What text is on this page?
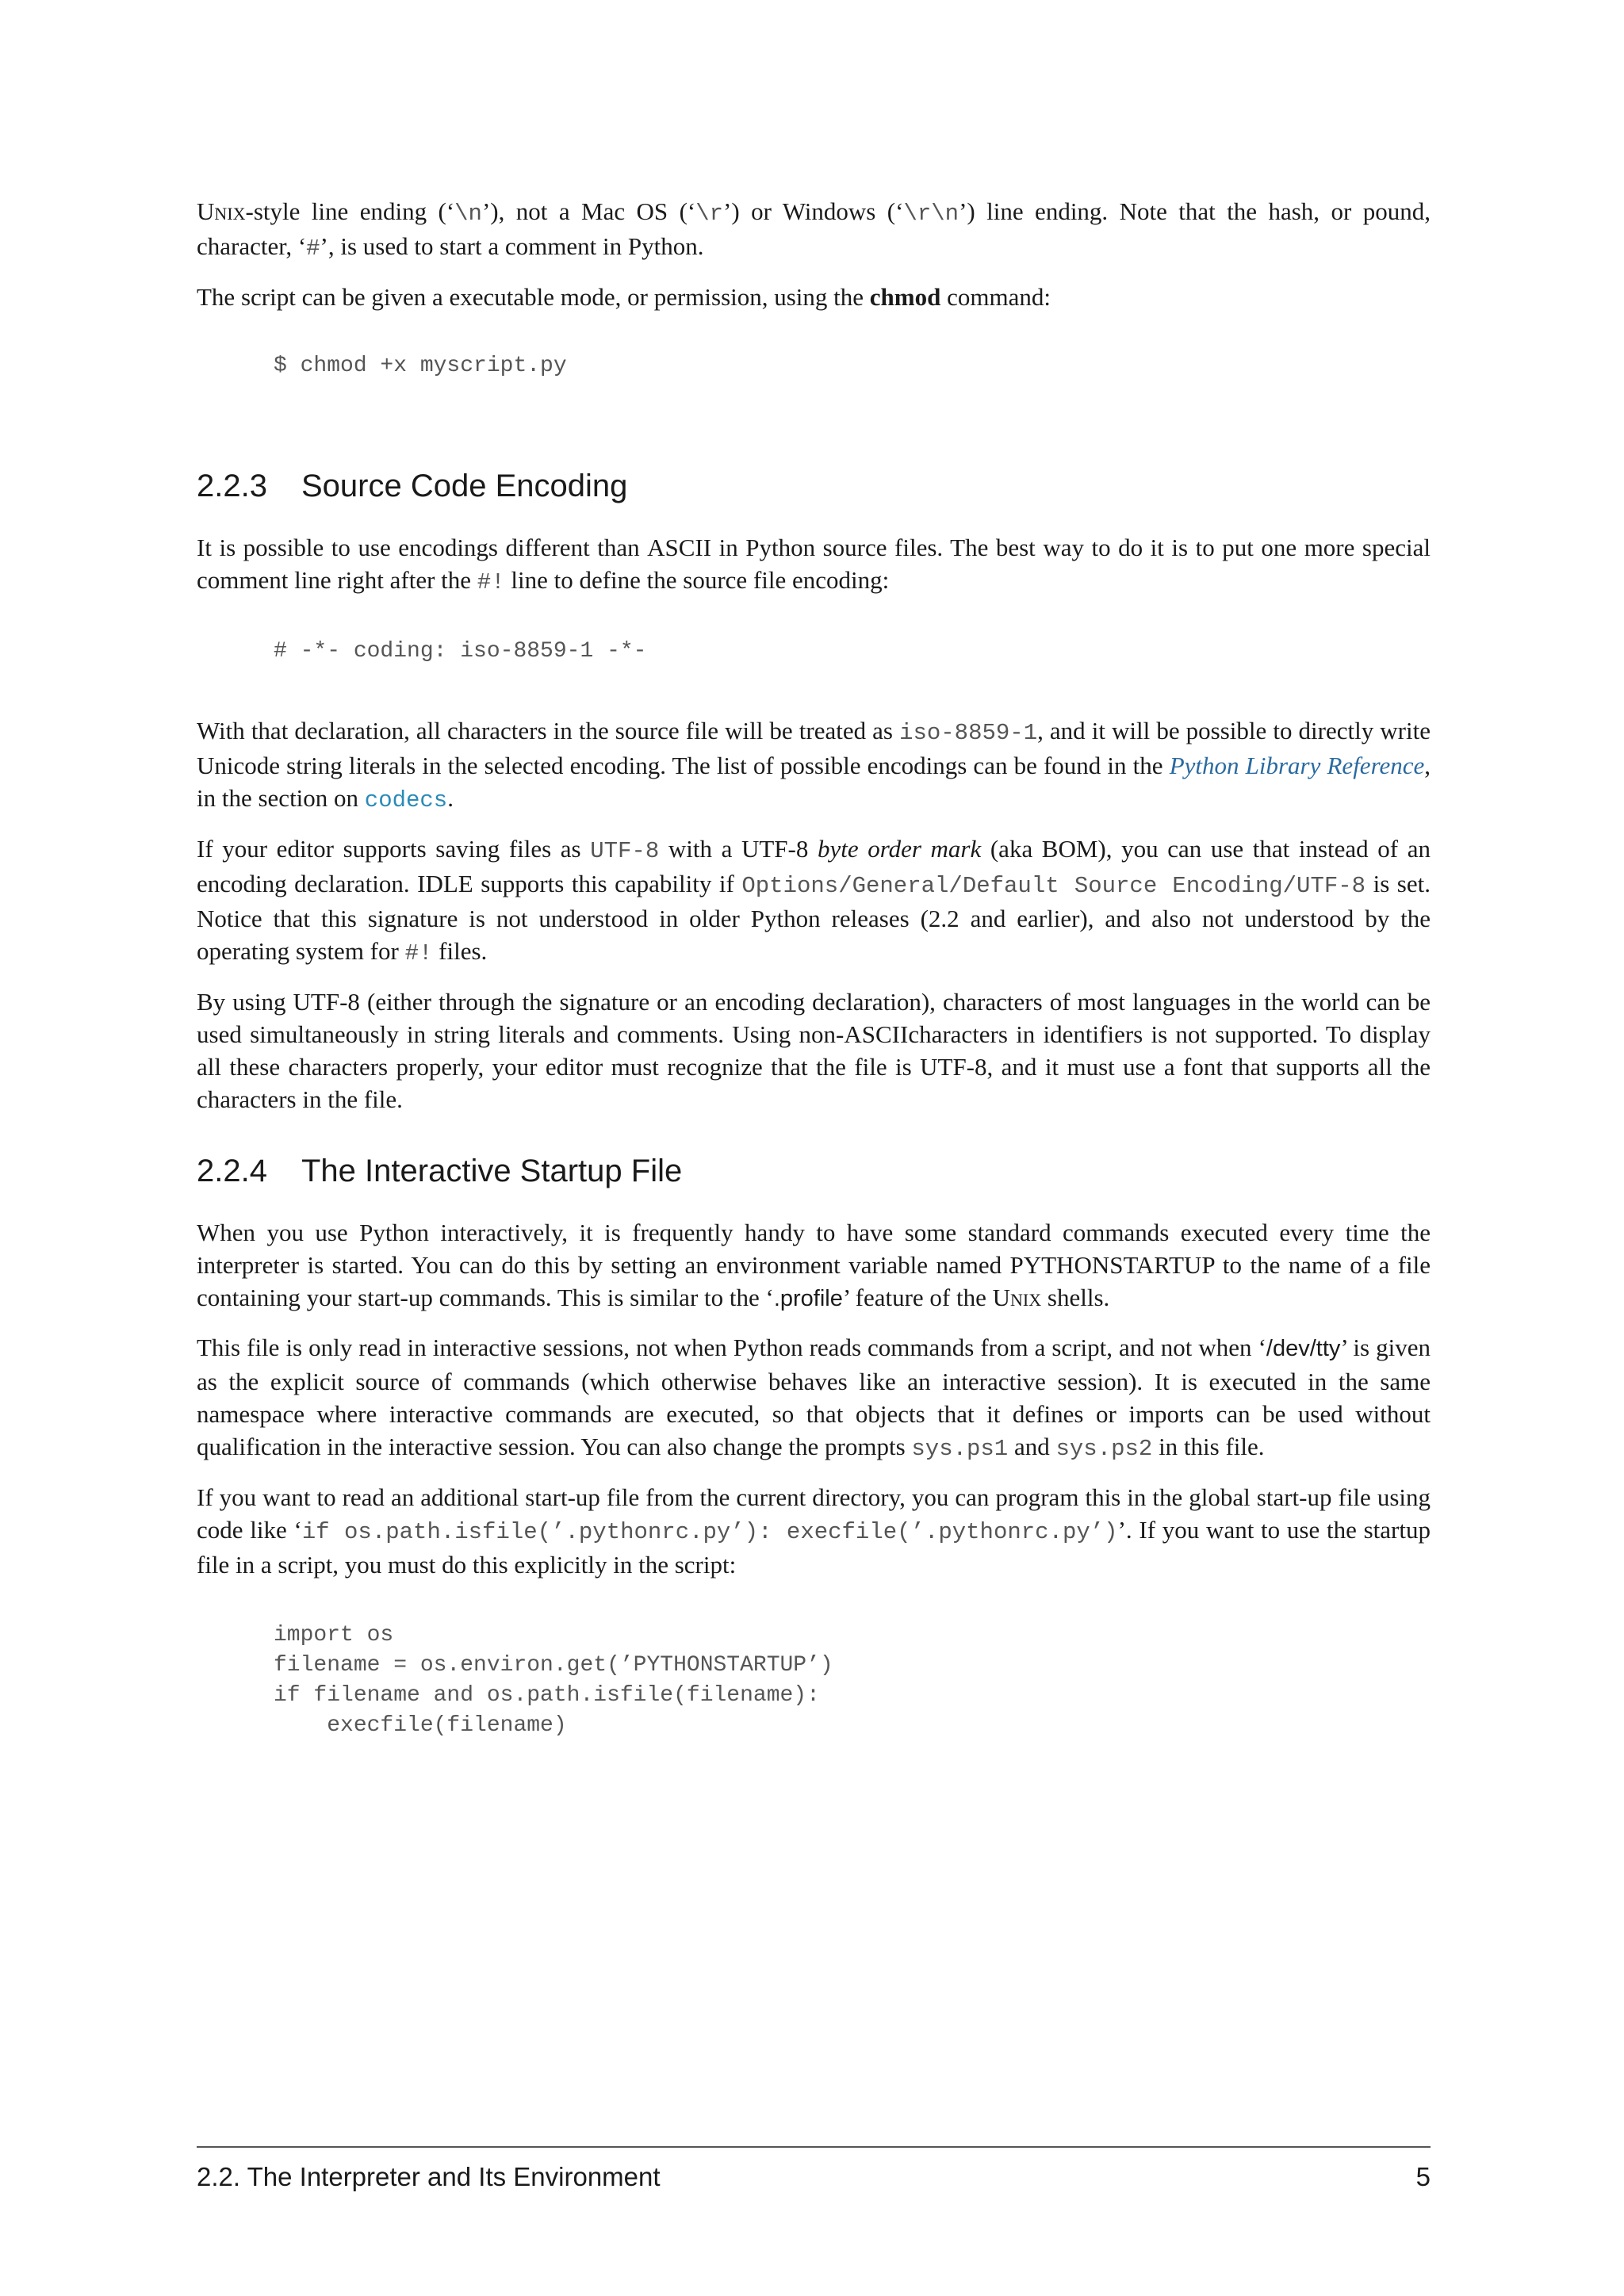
Unix-style line ending (‘\n’), not a Mac OS (‘\r’) or Windows (‘\r\n’) line ending. Note that the hash, or pound, character, ‘#’, is used to start a comment in Python.

The script can be given a executable mode, or permission, using the chmod command:

$ chmod +x myscript.py
2.2.3 Source Code Encoding

It is possible to use encodings different than ASCII in Python source files. The best way to do it is to put one more special comment line right after the #! line to define the source file encoding:

# -*- coding: iso-8859-1 -*-

With that declaration, all characters in the source file will be treated as iso-8859-1, and it will be possible to directly write Unicode string literals in the selected encoding. The list of possible encodings can be found in the Python Library Reference, in the section on codecs.

If your editor supports saving files as UTF-8 with a UTF-8 byte order mark (aka BOM), you can use that instead of an encoding declaration. IDLE supports this capability if Options/General/Default Source Encoding/UTF-8 is set. Notice that this signature is not understood in older Python releases (2.2 and earlier), and also not understood by the operating system for #! files.

By using UTF-8 (either through the signature or an encoding declaration), characters of most languages in the world can be used simultaneously in string literals and comments. Using non-ASCIIcharacters in identifiers is not supported. To display all these characters properly, your editor must recognize that the file is UTF-8, and it must use a font that supports all the characters in the file.

2.2.4 The Interactive Startup File

When you use Python interactively, it is frequently handy to have some standard commands executed every time the interpreter is started. You can do this by setting an environment variable named PYTHONSTARTUP to the name of a file containing your start-up commands. This is similar to the ‘.profile’ feature of the Unix shells.

This file is only read in interactive sessions, not when Python reads commands from a script, and not when ‘/dev/tty’ is given as the explicit source of commands (which otherwise behaves like an interactive session). It is executed in the same namespace where interactive commands are executed, so that objects that it defines or imports can be used without qualification in the interactive session. You can also change the prompts sys.ps1 and sys.ps2 in this file.

If you want to read an additional start-up file from the current directory, you can program this in the global start-up file using code like ‘if os.path.isfile(’.pythonrc.py’): execfile(’.pythonrc.py’)’. If you want to use the startup file in a script, you must do this explicitly in the script:

import os
filename = os.environ.get(’PYTHONSTARTUP’)
if filename and os.path.isfile(filename):
execfile(filename)
2.2. The Interpreter and Its Environment	5
